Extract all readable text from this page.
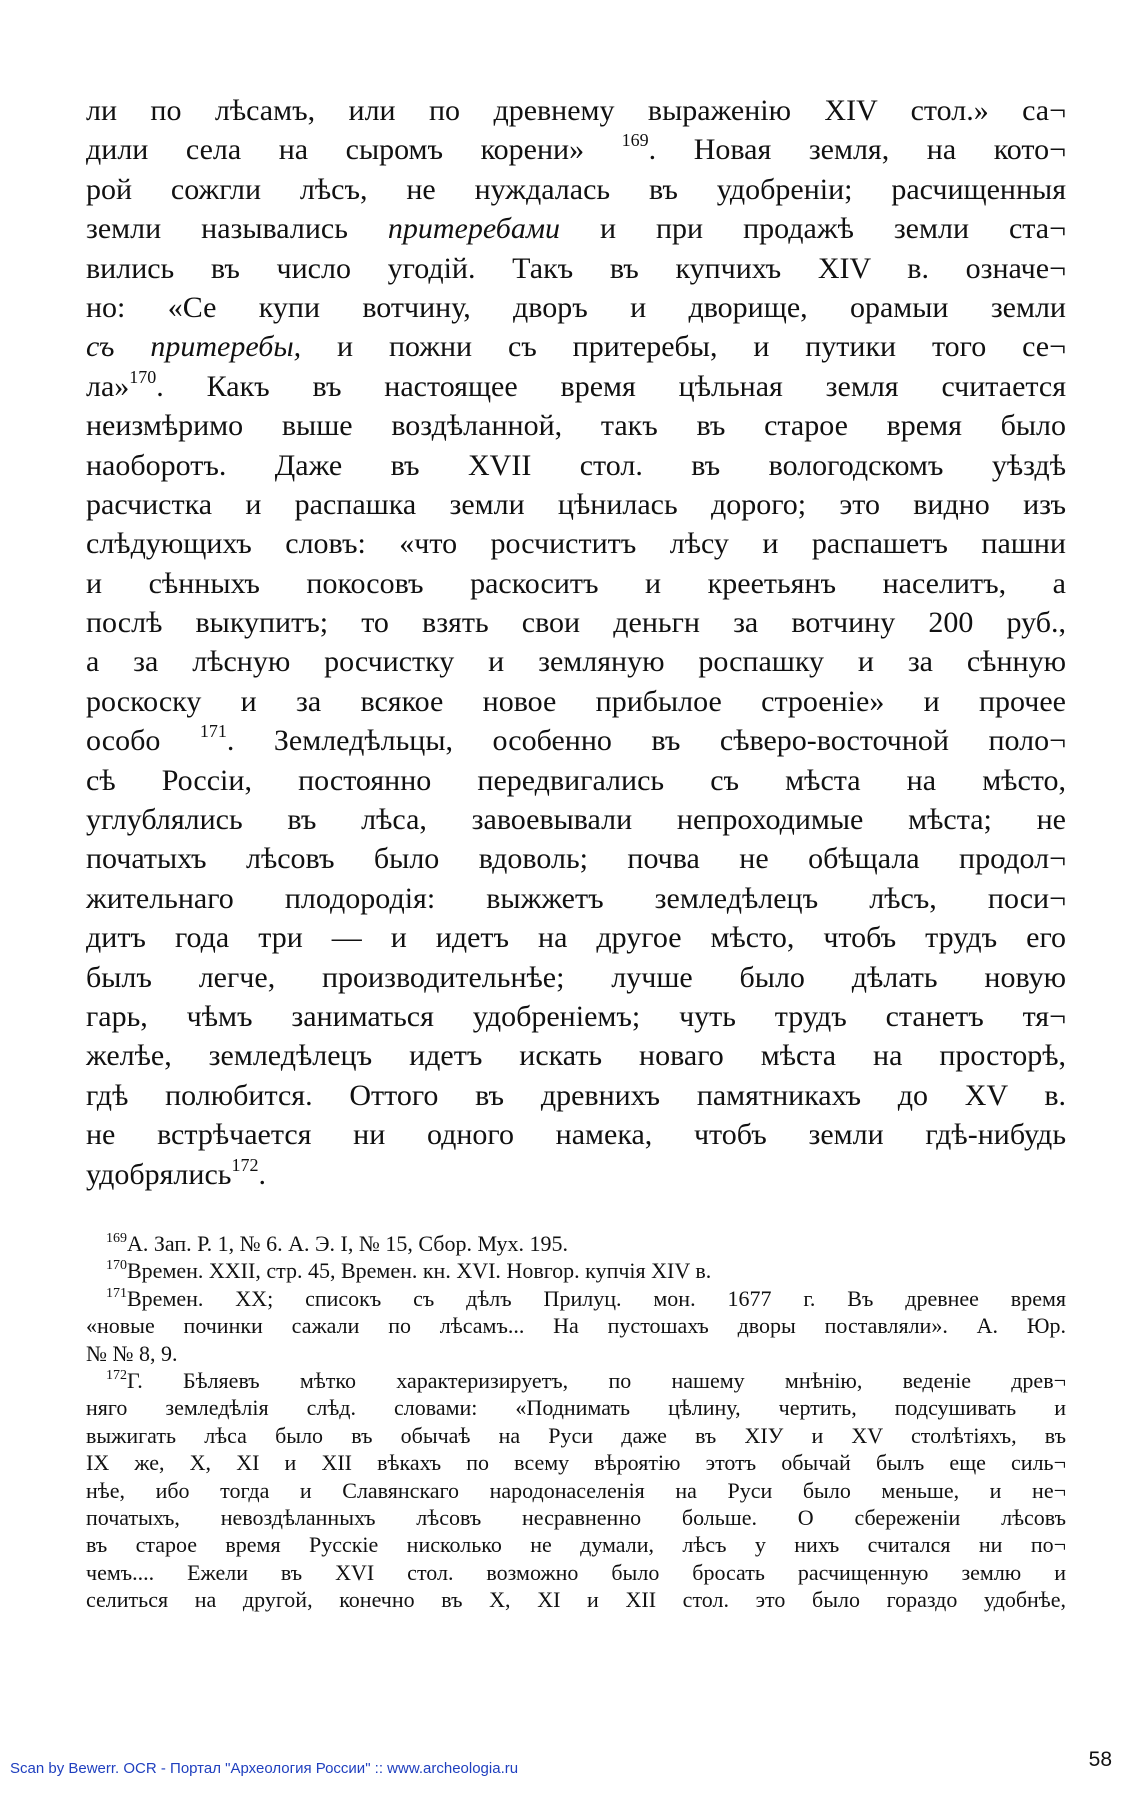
ли по лѣсамъ, или по древнему выраженію XIV стол.» са¬
дили села на сыромъ корени» $^{169}$. Новая земля, на кото¬
рой сожгли лѣсъ, не нуждалась въ удобреніи; расчищенныя
земли назывались притеребами и при продажѣ земли ста¬
вились въ число угодій. Такъ въ купчихъ XIV в. означе¬
но: «Се купи вотчину, дворъ и дворище, орамыи земли
съ притеребы, и пожни съ притеребы, и путики того се¬
ла»$^{170}$. Какъ въ настоящее время цѣльная земля считается
неизмѣримо выше воздѣланной, такъ въ старое время было
наоборотъ. Даже въ XVII стол. въ вологодскомъ уѣздѣ
расчистка и распашка земли цѣнилась дорого; это видно изъ
слѣдующихъ словъ: «что росчиститъ лѣсу и распашетъ пашни
и сѣнныхъ покосовъ раскоситъ и креетьянъ населитъ, а
послѣ выкупитъ; то взять свои деньгн за вотчину 200 руб.,
а за лѣсную росчистку и земляную роспашку и за сѣнную
роскоску и за всякое новое прибылое строеніе» и прочее
особо $^{171}$. Земледѣльцы, особенно въ сѣверо-восточной поло¬
сѣ Россіи, постоянно передвигались съ мѣста на мѣсто,
углублялись въ лѣса, завоевывали непроходимые мѣста; не
початыхъ лѣсовъ было вдоволь; почва не обѣщала продол¬
жительнаго плодородія: выжжетъ земледѣлецъ лѣсъ, поси¬
дитъ года три — и идетъ на другое мѣсто, чтобъ трудъ его
былъ легче, производительнѣе; лучше было дѣлать новую
гарь, чѣмъ заниматься удобреніемъ; чуть трудъ станетъ тя¬
желѣе, земледѣлецъ идетъ искать новаго мѣста на просторѣ,
гдѣ полюбится. Оттого въ древнихъ памятникахъ до XV в.
не встрѣчается ни одного намека, чтобъ земли гдѣ-нибудь
удобрялись$^{172}$.
$^{169}$А. Зап. Р. 1, № 6. А. Э. I, № 15, Сбор. Мух. 195.
$^{170}$Времен. XXII, стр. 45, Времен. кн. XVI. Новгор. купчія XIV в.
$^{171}$Времен. XX; списокъ съ дѣлъ Прилуц. мон. 1677 г. Въ древнее время
«новые починки сажали по лѣсамъ... На пустошахъ дворы поставляли». А. Юр.
№ № 8, 9.
$^{172}$Г. Бѣляевъ мѣтко характеризируетъ, по нашему мнѣнію, веденіе древ¬
няго земледѣлія слѣд. словами: «Поднимать цѣлину, чертить, подсушивать и
выжигать лѣса было въ обычаѣ на Руси даже въ XIУ и XV столѣтіяхъ, въ
IX же, X, XI и XII вѣкахъ по всему вѣроятію этотъ обычай былъ еще силь¬
нѣе, ибо тогда и Славянскаго народонаселенія на Руси было меньше, и не¬
початыхъ, невоздѣланныхъ лѣсовъ несравненно больше. О сбереженіи лѣсовъ
въ старое время Русскіе нисколько не думали, лѣсъ у нихъ считался ни по¬
чемъ.... Ежели въ XVI стол. возможно было бросать расчищенную землю и
селиться на другой, конечно въ X, XI и XII стол. это было гораздо удобнѣе,
Scan by Bewerr. OCR - Портал "Археология России" :: www.archeologia.ru	58
